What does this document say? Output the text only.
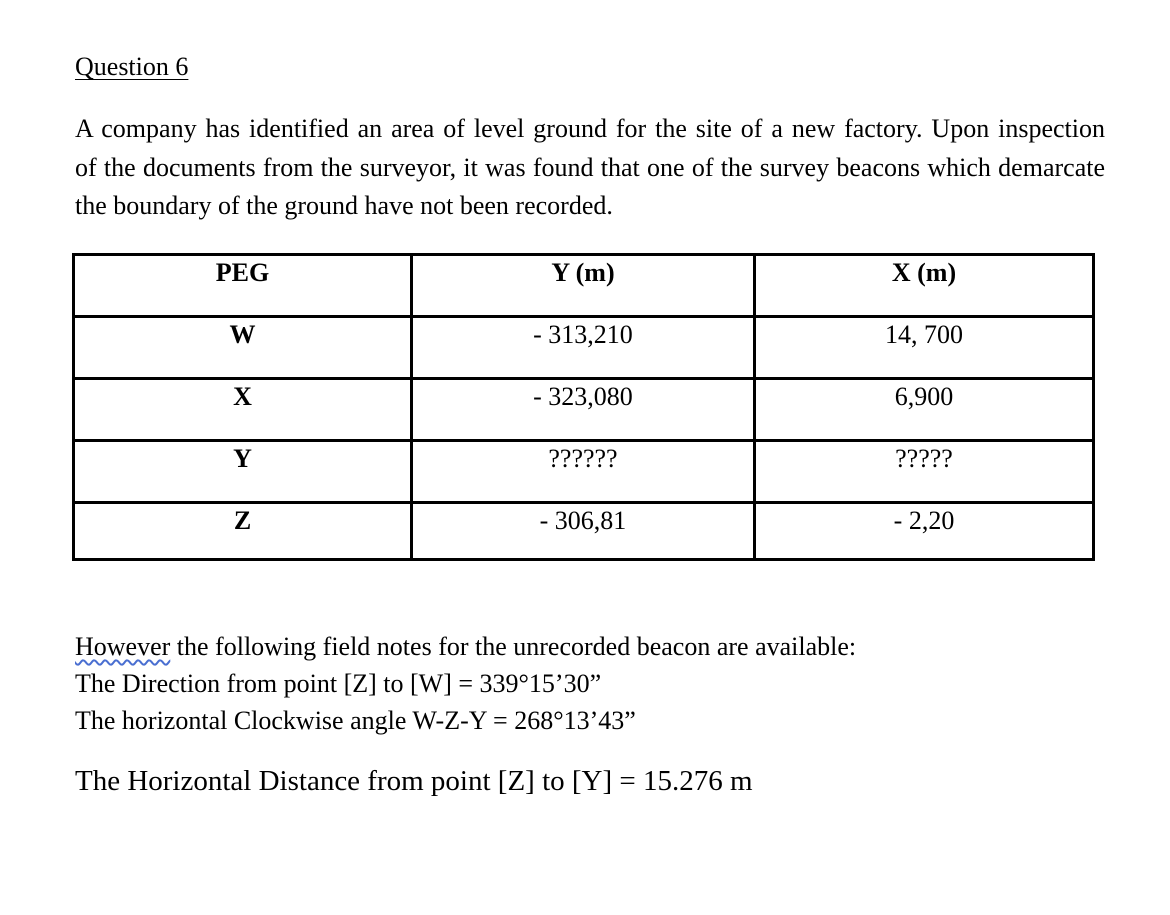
Question 6
A company has identified an area of level ground for the site of a new factory. Upon inspection
of the documents from the surveyor, it was found that one of the survey beacons which demarcate
the boundary of the ground have not been recorded.
PEG	Y (m)	X (m)
W	- 313,210	14, 700
X	- 323,080	6,900
Y	??????	?????
Z	- 306,81	- 2,20
However the following field notes for the unrecorded beacon are available:
The Direction from point [Z] to [W] = 339°15’30”
The horizontal Clockwise angle W-Z-Y = 268°13’43”
The Horizontal Distance from point [Z] to [Y] = 15.276 m
